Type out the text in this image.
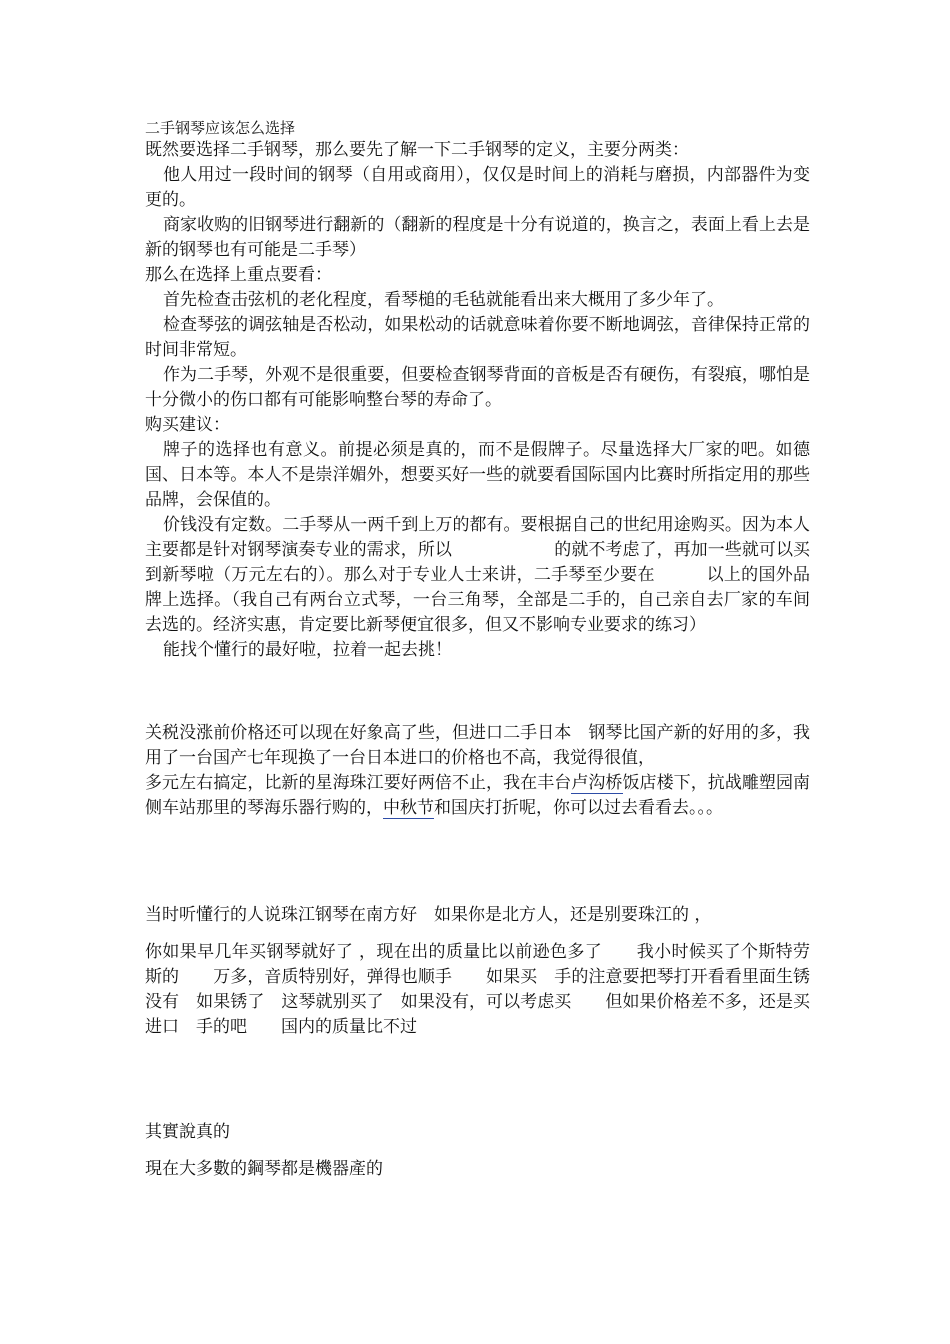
二手钢琴应该怎么选择

既然要选择二手钢琴，那么要先了解一下二手钢琴的定义，主要分两类：

他人用过一段时间的钢琴（自用或商用），仅仅是时间上的消耗与磨损，内部器件为变更的。

商家收购的旧钢琴进行翻新的（翻新的程度是十分有说道的，换言之，表面上看上去是新的钢琴也有可能是二手琴）

那么在选择上重点要看：

首先检查击弦机的老化程度，看琴槌的毛毡就能看出来大概用了多少年了。

检查琴弦的调弦轴是否松动，如果松动的话就意味着你要不断地调弦，音律保持正常的时间非常短。

作为二手琴，外观不是很重要，但要检查钢琴背面的音板是否有硬伤，有裂痕，哪怕是十分微小的伤口都有可能影响整台琴的寿命了。

购买建议：

牌子的选择也有意义。前提必须是真的，而不是假牌子。尽量选择大厂家的吧。如德国、日本等。本人不是崇洋媚外，想要买好一些的就要看国际国内比赛时所指定用的那些品牌，会保值的。

价钱没有定数。二手琴从一两千到上万的都有。要根据自己的世纪用途购买。因为本人主要都是针对钢琴演奏专业的需求，所以　　　　　　的就不考虑了，再加一些就可以买到新琴啦（万元左右的）。那么对于专业人士来讲，二手琴至少要在　　　以上的国外品牌上选择。（我自己有两台立式琴，一台三角琴，全部是二手的，自己亲自去厂家的车间去选的。经济实惠，肯定要比新琴便宜很多，但又不影响专业要求的练习）

能找个懂行的最好啦，拉着一起去挑！

关税没涨前价格还可以现在好象高了些，但进口二手日本　钢琴比国产新的好用的多，我用了一台国产七年现换了一台日本进口的价格也不高，我觉得很值，
多元左右搞定，比新的星海珠江要好两倍不止，我在丰台卢沟桥饭店楼下，抗战雕塑园南侧车站那里的琴海乐器行购的，中秋节和国庆打折呢，你可以过去看看去。。。

当时听懂行的人说珠江钢琴在南方好　如果你是北方人，还是别要珠江的 ，

你如果早几年买钢琴就好了 ，现在出的质量比以前逊色多了　　我小时候买了个斯特劳斯的　　万多，音质特别好，弹得也顺手　　如果买　手的注意要把琴打开看看里面生锈没有　如果锈了　这琴就别买了　如果没有，可以考虑买　　但如果价格差不多，还是买进口　手的吧　　国内的质量比不过

其實說真的

現在大多數的鋼琴都是機器產的
